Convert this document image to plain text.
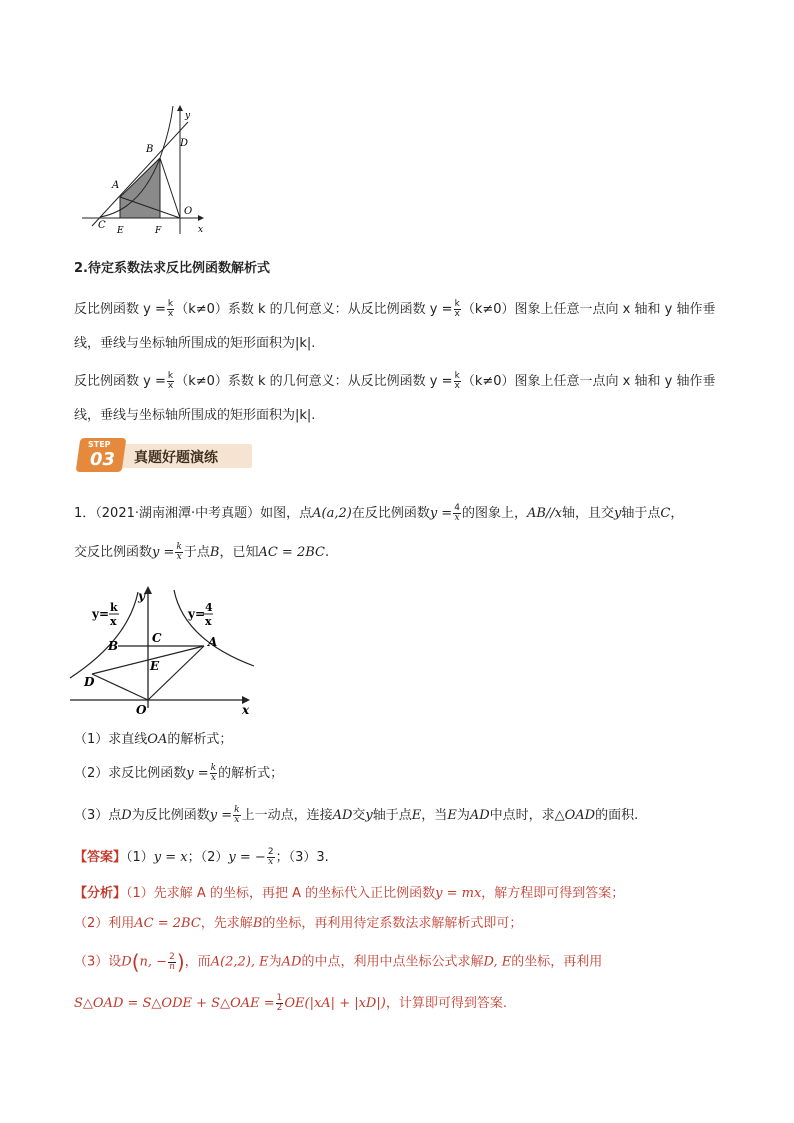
y
x
B
D
A
O
C E	F
2.待定系数法求反比例函数解析式
反比例函数 $y = \frac{k}{x} (k\ne 0)$系数 k 的几何意义：从反比例函数 $y = \frac{k}{x} (k\ne 0)$图象上任意一点向 x 轴和 y 轴作垂
线，垂线与坐标轴所围成的矩形面积为|k|.
反比例函数 $y = \frac{k}{x} (k\ne 0)$系数 k 的几何意义：从反比例函数 $y = \frac{k}{x} (k\ne 0)$图象上任意一点向 x 轴和 y 轴作垂
线，垂线与坐标轴所围成的矩形面积为|k|.
STEP
03 真题好题演练
1．（2021·湖南湘潭·中考真题）如图，点A(a,2)在反比例函数$y = \frac{4}{x}$ 的图象上，AB//x轴，且交y轴于点C，
交反比例函数$y = \frac{k}{x}$ 于点B，已知AC = 2BC.
y= k
x
y= 4
x
y
x
B
C	A
E
D
O
（1）求直线OA的解析式；
（2）求反比例函数$y = \frac{k}{x}$ 的解析式；
（3）点D为反比例函数$y = \frac{k}{x}$ 上一动点，连接AD交y轴于点E，当E为AD中点时，求△OAD的面积.
【答案】（1）y = x；（2）y = − $\frac{2}{x}$ ；（3）3.
【分析】（1）先求解 A 的坐标，再把 A 的坐标代入正比例函数y = mx，解方程即可得到答案；
（2）利用AC = 2BC，先求解B的坐标，再利用待定系数法求解解析式即可；
（3）设D(n, − $\frac{2}{n}$ )，而A(2,2), E为AD的中点，利用中点坐标公式求解D, E的坐标，再利用
S△OAD = S△ODE + S△OAE = $\frac{1}{2} OE(|xA| + |xD|)$，计算即可得到答案.
